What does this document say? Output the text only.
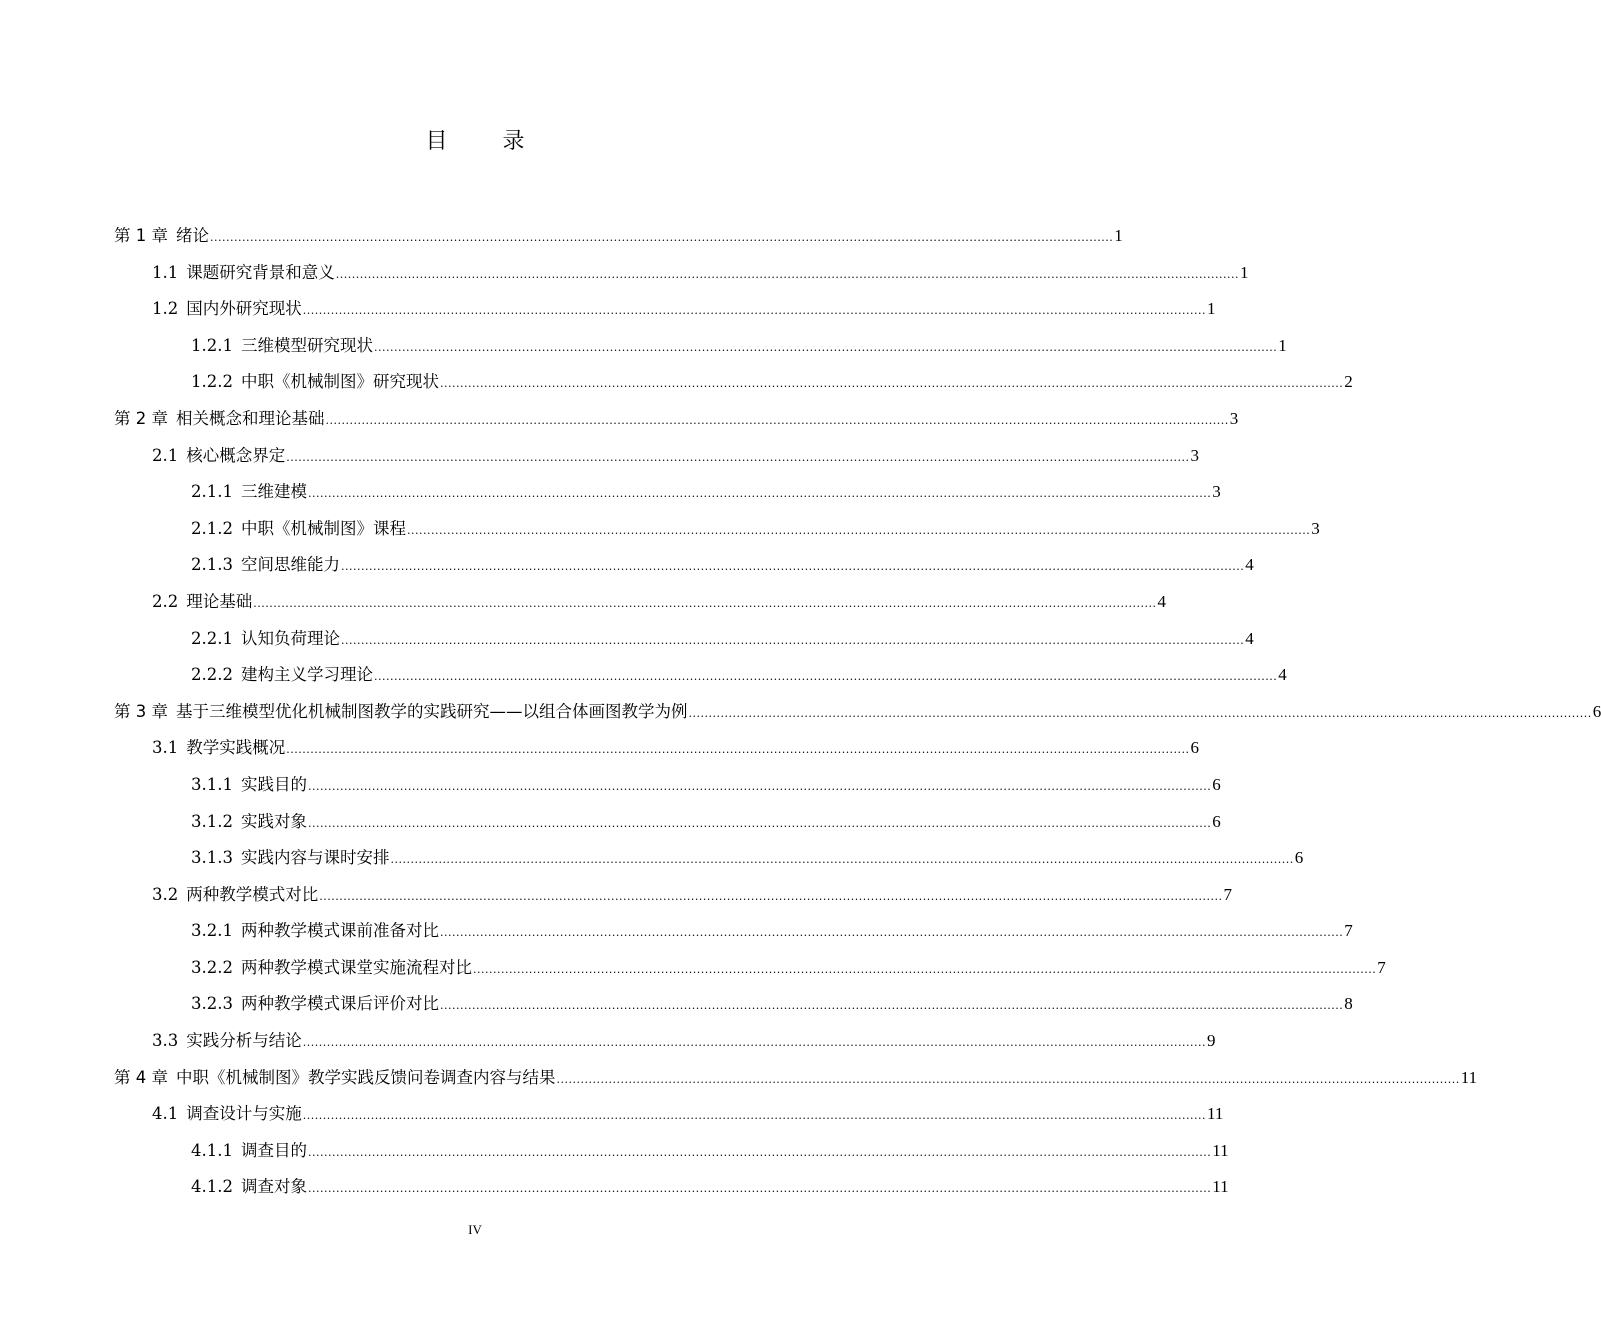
目 录
第 1 章 绪论 .....	1
1.1 课题研究背景和意义 .....	1
1.2 国内外研究现状 .....	1
1.2.1 三维模型研究现状 .....	1
1.2.2 中职《机械制图》研究现状 .....	2
第 2 章 相关概念和理论基础 .....	3
2.1 核心概念界定 .....	3
2.1.1 三维建模 .....	3
2.1.2 中职《机械制图》课程 .....	3
2.1.3 空间思维能力 .....	4
2.2 理论基础 .....	4
2.2.1 认知负荷理论 .....	4
2.2.2 建构主义学习理论 .....	4
第 3 章 基于三维模型优化机械制图教学的实践研究——以组合体画图教学为例 .....	6
3.1 教学实践概况 .....	6
3.1.1 实践目的 .....	6
3.1.2 实践对象 .....	6
3.1.3 实践内容与课时安排 .....	6
3.2 两种教学模式对比 .....	7
3.2.1 两种教学模式课前准备对比 .....	7
3.2.2 两种教学模式课堂实施流程对比 .....	7
3.2.3 两种教学模式课后评价对比 .....	8
3.3 实践分析与结论 .....	9
第 4 章 中职《机械制图》教学实践反馈问卷调查内容与结果 .....	11
4.1 调查设计与实施 .....	11
4.1.1 调查目的 .....	11
4.1.2 调查对象 .....	11
IV
